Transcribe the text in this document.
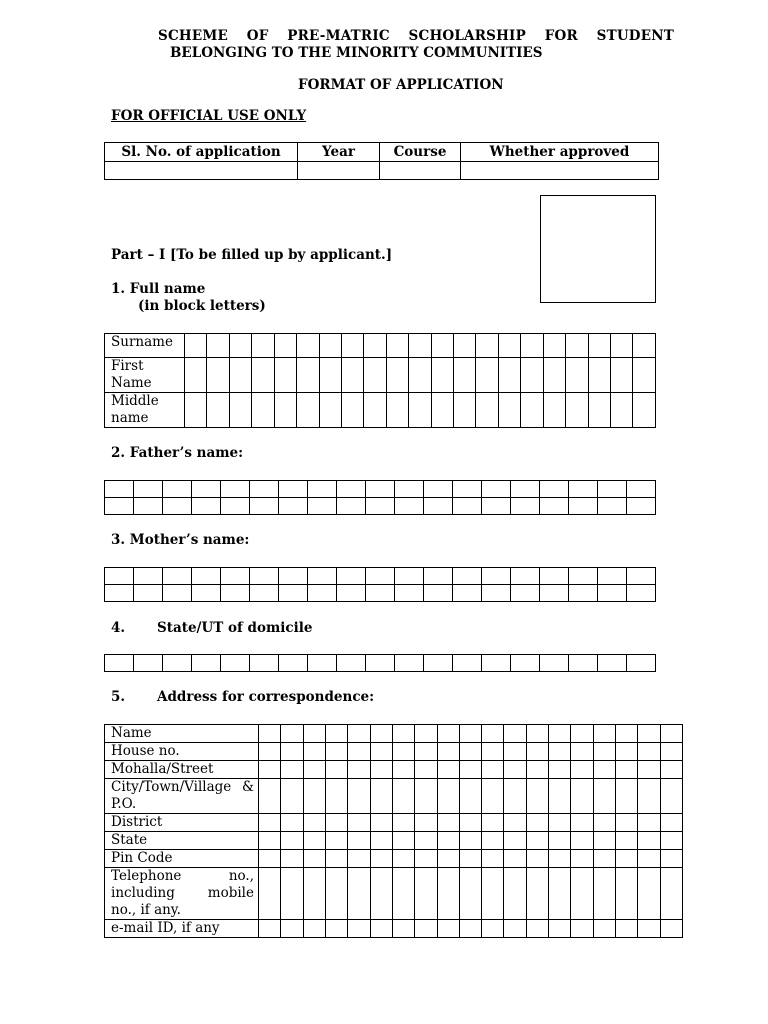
SCHEME OF PRE-MATRIC SCHOLARSHIP FOR STUDENT
BELONGING TO THE MINORITY COMMUNITIES
FORMAT OF APPLICATION
FOR OFFICIAL USE ONLY
Sl. No. of application	Year	Course	Whether approved

Part – I [To be filled up by applicant.]
1. Full name
(in block letters)
Surname																					
First Name																					
Middle name																					
2. Father’s name:

3. Mother’s name:

4. State/UT of domicile

5. Address for correspondence:
Name																			
House no.																			
Mohalla/Street																			
City/Town/Village & P.O.																			
District																			
State																			
Pin Code																			
Telephone no., including mobile no., if any.																			
e-mail ID, if any																			
